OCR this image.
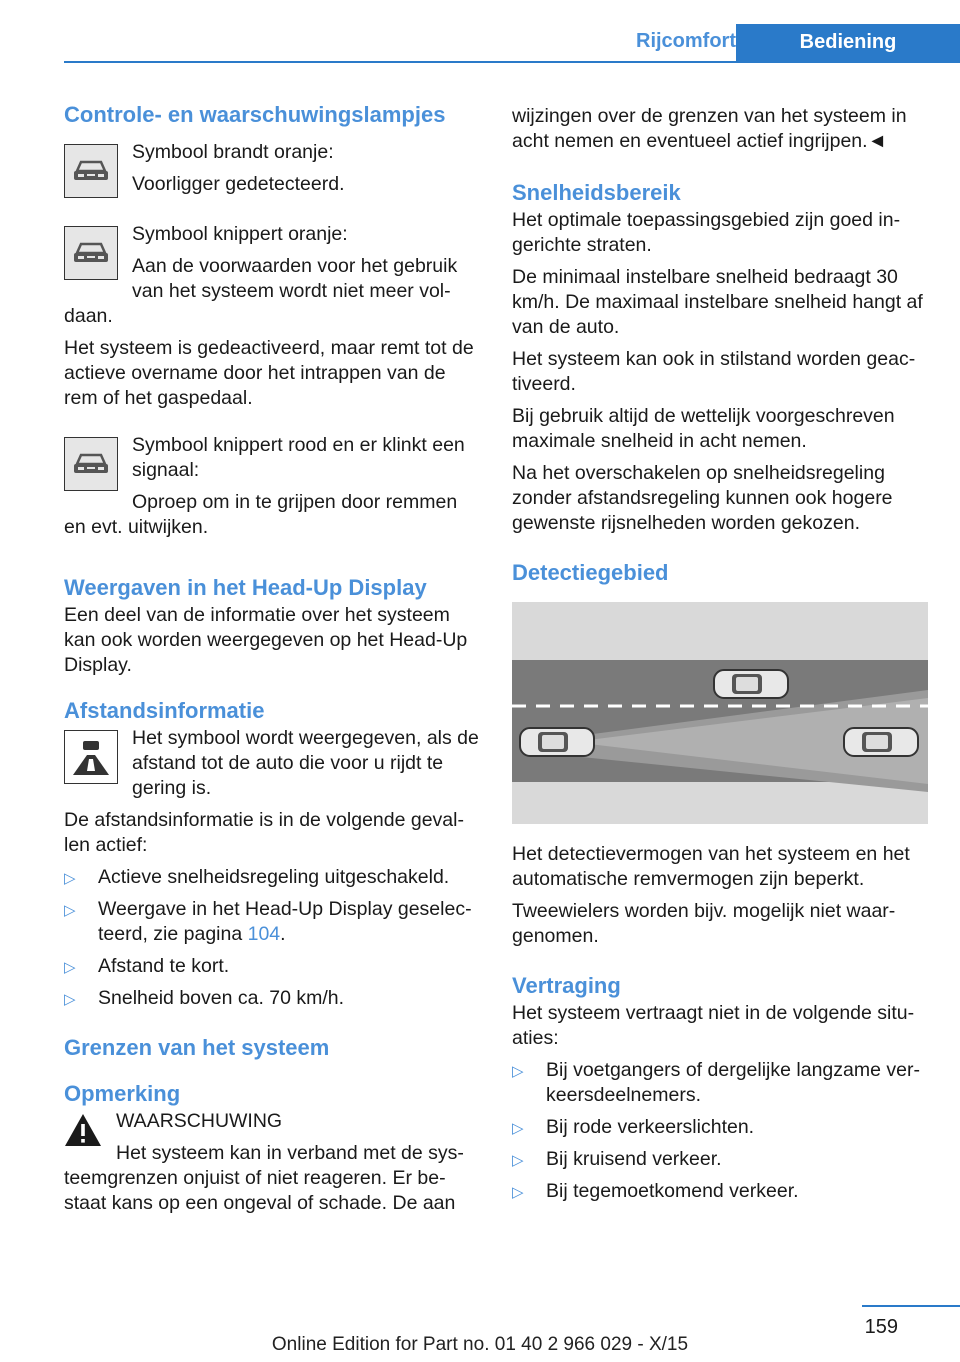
Rijcomfort	Bediening
Controle- en waarschuwingslampjes

Symbool brandt oranje:

Voorligger gedetecteerd.

Symbool knippert oranje:

Aan de voorwaarden voor het gebruik van het systeem wordt niet meer voldaan.

Het systeem is gedeactiveerd, maar remt tot de actieve overname door het intrappen van de rem of het gaspedaal.

Symbool knippert rood en er klinkt een signaal:

Oproep om in te grijpen door remmen en evt. uitwijken.

Weergaven in het Head-Up Display

Een deel van de informatie over het systeem kan ook worden weergegeven op het Head-Up Display.

Afstandsinformatie

Het symbool wordt weergegeven, als de afstand tot de auto die voor u rijdt te gering is.

De afstandsinformatie is in de volgende gevallen actief:

▷ Actieve snelheidsregeling uitgeschakeld.
▷ Weergave in het Head-Up Display geselecteerd, zie pagina 104.
▷ Afstand te kort.
▷ Snelheid boven ca. 70 km/h.
Grenzen van het systeem
Opmerking

WAARSCHUWING

Het systeem kan in verband met de systeemgrenzen onjuist of niet reageren. Er bestaat kans op een ongeval of schade. De aan

wijzingen over de grenzen van het systeem in acht nemen en eventueel actief ingrijpen.◄

Snelheidsbereik

Het optimale toepassingsgebied zijn goed ingerichte straten.

De minimaal instelbare snelheid bedraagt 30 km/h. De maximaal instelbare snelheid hangt af van de auto.

Het systeem kan ook in stilstand worden geactiveerd.

Bij gebruik altijd de wettelijk voorgeschreven maximale snelheid in acht nemen.

Na het overschakelen op snelheidsregeling zonder afstandsregeling kunnen ook hogere gewenste rijsnelheden worden gekozen.

Detectiegebied

Het detectievermogen van het systeem en het automatische remvermogen zijn beperkt.

Tweewielers worden bijv. mogelijk niet waargenomen.

Vertraging

Het systeem vertraagt niet in de volgende situaties:

▷ Bij voetgangers of dergelijke langzame verkeersdeelnemers.
▷ Bij rode verkeerslichten.
▷ Bij kruisend verkeer.
▷ Bij tegemoetkomend verkeer.
159
Online Edition for Part no. 01 40 2 966 029 - X/15
